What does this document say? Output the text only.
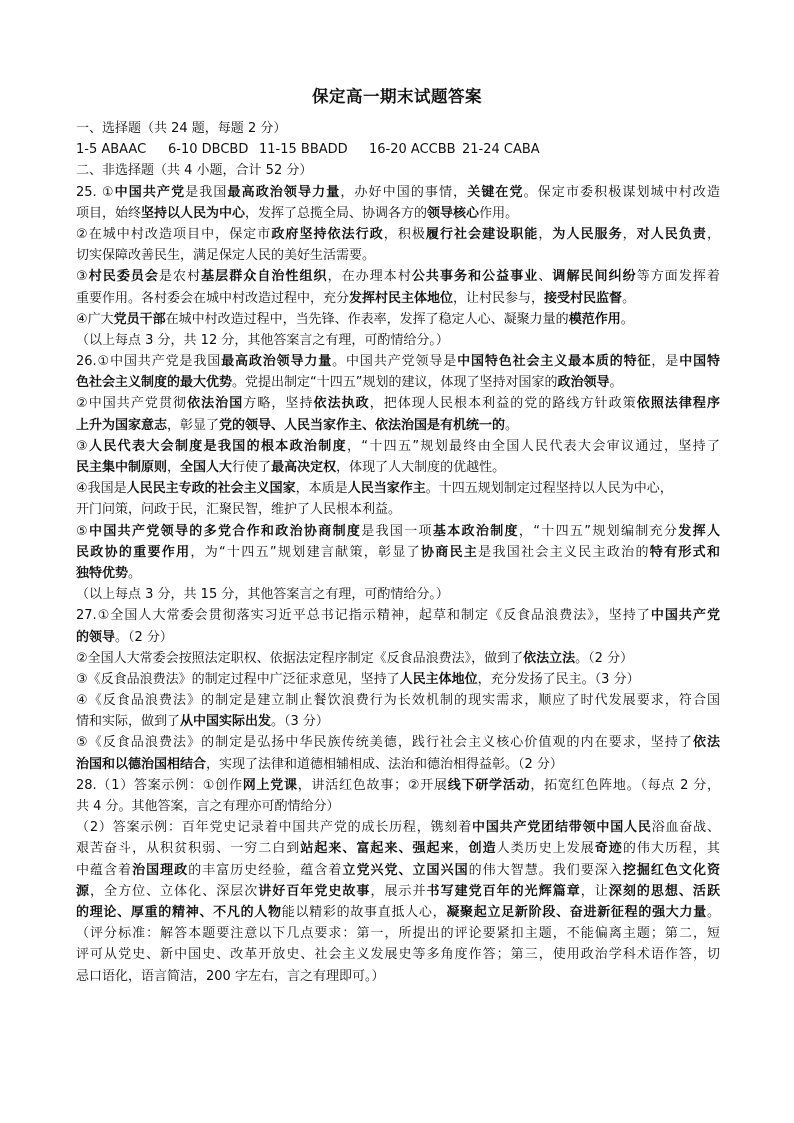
保定高一期末试题答案
一、选择题（共 24 题，每题 2 分）
1-5 ABAAC 6-10 DBCBD 11-15 BBADD 16-20 ACCBB 21-24 CABA
二、非选择题（共 4 小题，合计 52 分）
25. ①中国共产党是我国最高政治领导力量，办好中国的事情，关键在党。保定市委积极谋划城中村改造
项目，始终坚持以人民为中心，发挥了总揽全局、协调各方的领导核心作用。
②在城中村改造项目中，保定市政府坚持依法行政，积极履行社会建设职能，为人民服务，对人民负责，
切实保障改善民生，满足保定人民的美好生活需要。
③村民委员会是农村基层群众自治性组织，在办理本村公共事务和公益事业、调解民间纠纷等方面发挥着
重要作用。各村委会在城中村改造过程中，充分发挥村民主体地位，让村民参与，接受村民监督。
④广大党员干部在城中村改造过程中，当先锋、作表率，发挥了稳定人心、凝聚力量的模范作用。
（以上每点 3 分，共 12 分，其他答案言之有理，可酌情给分。）
26.①中国共产党是我国最高政治领导力量。中国共产党领导是中国特色社会主义最本质的特征，是中国特
色社会主义制度的最大优势。党提出制定“十四五”规划的建议，体现了坚持对国家的政治领导。
②中国共产党贯彻依法治国方略，坚持依法执政，把体现人民根本利益的党的路线方针政策依照法律程序
上升为国家意志，彰显了党的领导、人民当家作主、依法治国是有机统一的。
③人民代表大会制度是我国的根本政治制度，“十四五”规划最终由全国人民代表大会审议通过，坚持了
民主集中制原则，全国人大行使了最高决定权，体现了人大制度的优越性。
④我国是人民民主专政的社会主义国家，本质是人民当家作主。十四五规划制定过程坚持以人民为中心，
开门问策，问政于民，汇聚民智，维护了人民根本利益。
⑤中国共产党领导的多党合作和政治协商制度是我国一项基本政治制度，“十四五”规划编制充分发挥人
民政协的重要作用，为“十四五”规划建言献策，彰显了协商民主是我国社会主义民主政治的特有形式和
独特优势。
（以上每点 3 分，共 15 分，其他答案言之有理，可酌情给分。）
27.①全国人大常委会贯彻落实习近平总书记指示精神，起草和制定《反食品浪费法》，坚持了中国共产党
的领导。（2 分）
②全国人大常委会按照法定职权、依据法定程序制定《反食品浪费法》，做到了依法立法。（2 分）
③《反食品浪费法》的制定过程中广泛征求意见，坚持了人民主体地位，充分发扬了民主。（3 分）
④《反食品浪费法》的制定是建立制止餐饮浪费行为长效机制的现实需求，顺应了时代发展要求，符合国
情和实际，做到了从中国实际出发。（3 分）
⑤《反食品浪费法》的制定是弘扬中华民族传统美德，践行社会主义核心价值观的内在要求，坚持了依法
治国和以德治国相结合，实现了法律和道德相辅相成、法治和德治相得益彰。（2 分）
28.（1）答案示例：①创作网上党课，讲活红色故事；②开展线下研学活动，拓宽红色阵地。（每点 2 分，
共 4 分。其他答案，言之有理亦可酌情给分）
（2）答案示例：百年党史记录着中国共产党的成长历程，镌刻着中国共产党团结带领中国人民浴血奋战、
艰苦奋斗，从积贫积弱、一穷二白到站起来、富起来、强起来，创造人类历史上发展奇迹的伟大历程，其
中蕴含着治国理政的丰富历史经验，蕴含着立党兴党、立国兴国的伟大智慧。我们要深入挖掘红色文化资
源，全方位、立体化、深层次讲好百年党史故事，展示并书写建党百年的光辉篇章，让深刻的思想、活跃
的理论、厚重的精神、不凡的人物能以精彩的故事直抵人心，凝聚起立足新阶段、奋进新征程的强大力量。
（评分标准：解答本题要注意以下几点要求：第一，所提出的评论要紧扣主题，不能偏离主题；第二，短
评可从党史、新中国史、改革开放史、社会主义发展史等多角度作答；第三，使用政治学科术语作答，切
忌口语化，语言简洁，200 字左右，言之有理即可。）
